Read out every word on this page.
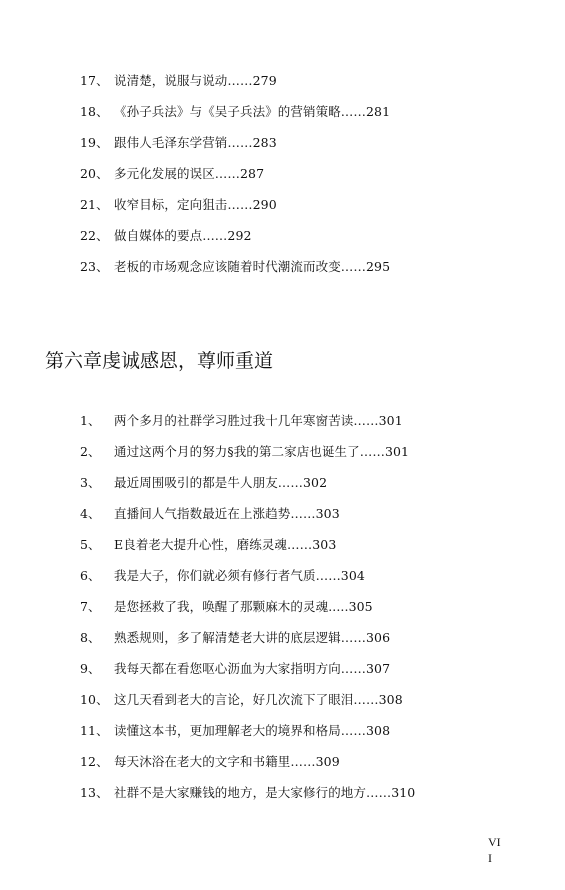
17、 说清楚，说服与说动……279
18、 《孙子兵法》与《吴子兵法》的营销策略……281
19、 跟伟人毛泽东学营销……283
20、 多元化发展的误区……287
21、 收窄目标，定向狙击……290
22、 做自媒体的要点……292
23、 老板的市场观念应该随着时代潮流而改变……295
第六章虔诚感恩，尊师重道
1、 两个多月的社群学习胜过我十几年寒窗苦读……301
2、 通过这两个月的努力§我的第二家店也诞生了……301
3、 最近周围吸引的都是牛人朋友……302
4、 直播间人气指数最近在上涨趋势……303
5、 E良着老大提升心性，磨练灵魂……303
6、 我是大子，你们就必须有修行者气质……304
7、 是您拯救了我，唤醒了那颗麻木的灵魂.....305
8、 熟悉规则，多了解清楚老大讲的底层逻辑……306
9、 我每天都在看您呕心沥血为大家指明方向……307
10、 这几天看到老大的言论，好几次流下了眼泪……308
11、 读懂这本书，更加理解老大的境界和格局……308
12、 每天沐浴在老大的文字和书籍里……309
13、 社群不是大家赚钱的地方，是大家修行的地方……310
VI
I
